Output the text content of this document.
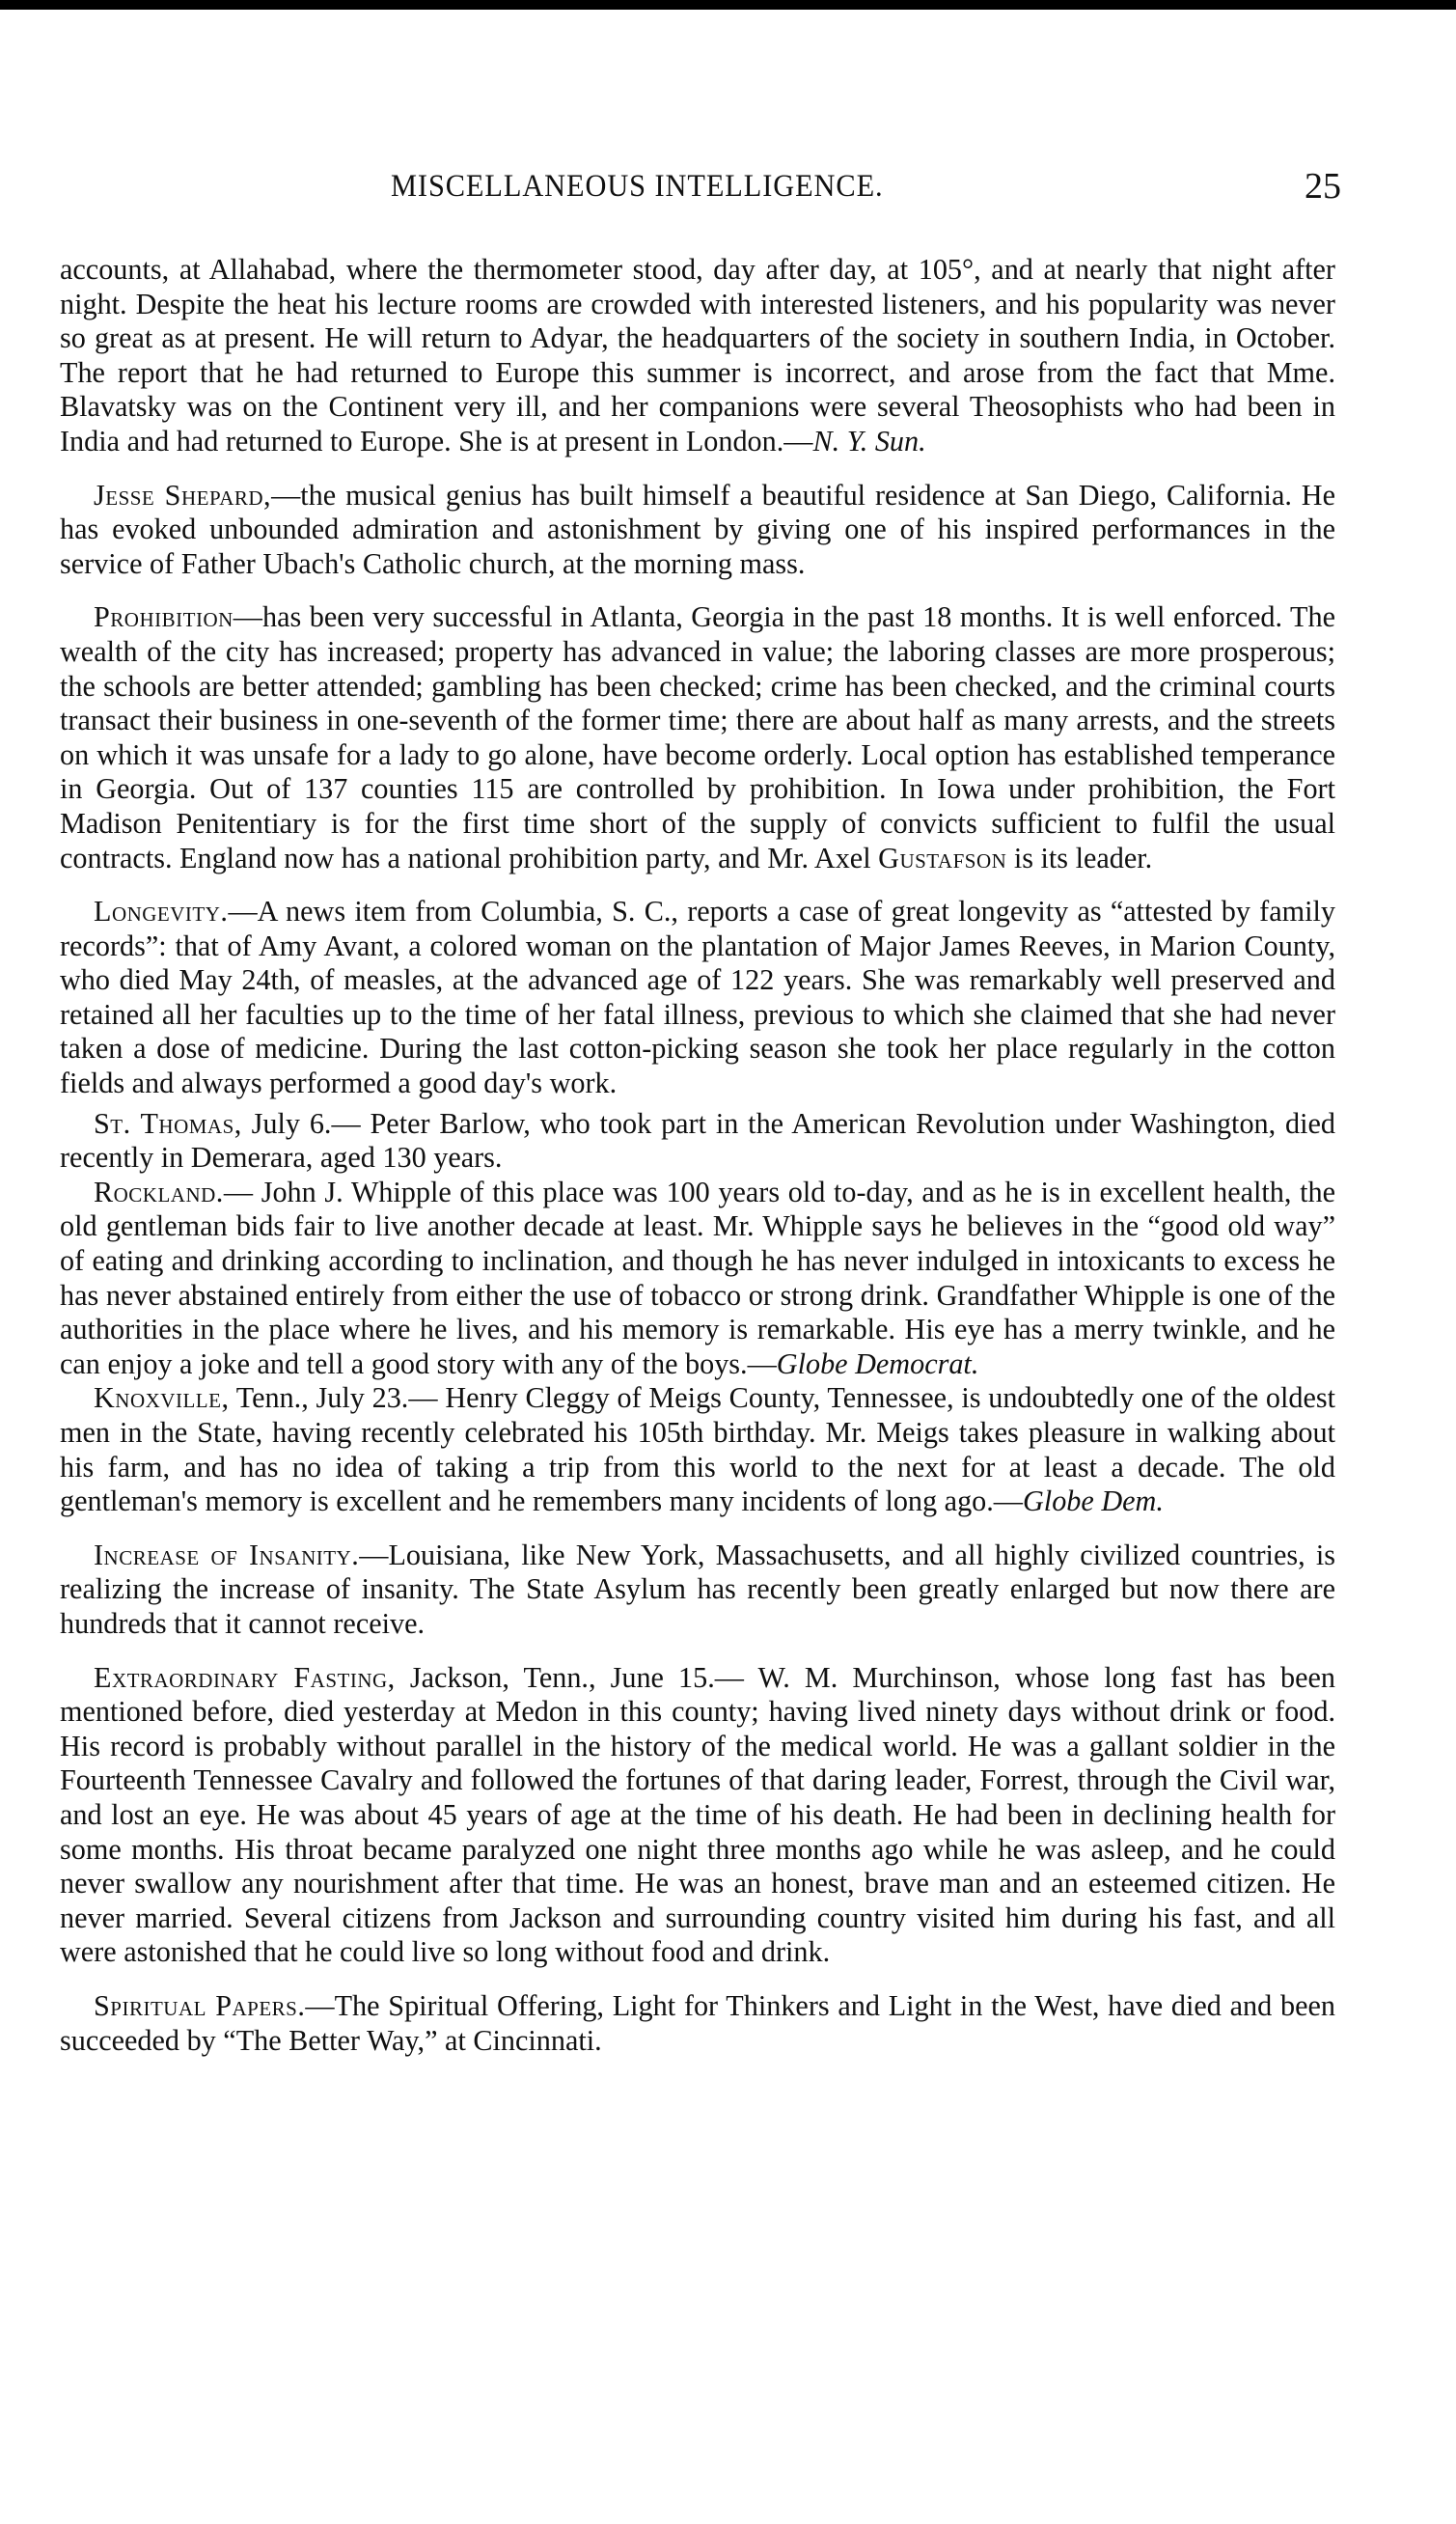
MISCELLANEOUS INTELLIGENCE.	25

accounts, at Allahabad, where the thermometer stood, day after day, at 105°, and at nearly that night after night. Despite the heat his lecture rooms are crowded with interested listeners, and his popularity was never so great as at present. He will return to Adyar, the headquarters of the society in southern India, in October. The report that he had returned to Europe this summer is incorrect, and arose from the fact that Mme. Blavatsky was on the Continent very ill, and her companions were several Theosophists who had been in India and had returned to Europe. She is at present in London.—N. Y. Sun.

Jesse Shepard,—the musical genius has built himself a beautiful residence at San Diego, California. He has evoked unbounded admiration and astonishment by giving one of his inspired performances in the service of Father Ubach's Catholic church, at the morning mass.

Prohibition—has been very successful in Atlanta, Georgia in the past 18 months. It is well enforced. The wealth of the city has increased; property has advanced in value; the laboring classes are more prosperous; the schools are better attended; gambling has been checked; crime has been checked, and the criminal courts transact their business in one-seventh of the former time; there are about half as many arrests, and the streets on which it was unsafe for a lady to go alone, have become orderly. Local option has established temperance in Georgia. Out of 137 counties 115 are controlled by prohibition. In Iowa under prohibition, the Fort Madison Penitentiary is for the first time short of the supply of convicts sufficient to fulfil the usual contracts. England now has a national prohibition party, and Mr. Axel Gustafson is its leader.

Longevity.—A news item from Columbia, S. C., reports a case of great longevity as “attested by family records”: that of Amy Avant, a colored woman on the plantation of Major James Reeves, in Marion County, who died May 24th, of measles, at the advanced age of 122 years. She was remarkably well preserved and retained all her faculties up to the time of her fatal illness, previous to which she claimed that she had never taken a dose of medicine. During the last cotton-picking season she took her place regularly in the cotton fields and always performed a good day's work.

St. Thomas, July 6.— Peter Barlow, who took part in the American Revolution under Washington, died recently in Demerara, aged 130 years.

Rockland.— John J. Whipple of this place was 100 years old to-day, and as he is in excellent health, the old gentleman bids fair to live another decade at least. Mr. Whipple says he believes in the “good old way” of eating and drinking according to inclination, and though he has never indulged in intoxicants to excess he has never abstained entirely from either the use of tobacco or strong drink. Grandfather Whipple is one of the authorities in the place where he lives, and his memory is remarkable. His eye has a merry twinkle, and he can enjoy a joke and tell a good story with any of the boys.—Globe Democrat.

Knoxville, Tenn., July 23.— Henry Cleggy of Meigs County, Tennessee, is undoubtedly one of the oldest men in the State, having recently celebrated his 105th birthday. Mr. Meigs takes pleasure in walking about his farm, and has no idea of taking a trip from this world to the next for at least a decade. The old gentleman's memory is excellent and he remembers many incidents of long ago.—Globe Dem.

Increase of Insanity.—Louisiana, like New York, Massachusetts, and all highly civilized countries, is realizing the increase of insanity. The State Asylum has recently been greatly enlarged but now there are hundreds that it cannot receive.

Extraordinary Fasting, Jackson, Tenn., June 15.— W. M. Murchinson, whose long fast has been mentioned before, died yesterday at Medon in this county; having lived ninety days without drink or food. His record is probably without parallel in the history of the medical world. He was a gallant soldier in the Fourteenth Tennessee Cavalry and followed the fortunes of that daring leader, Forrest, through the Civil war, and lost an eye. He was about 45 years of age at the time of his death. He had been in declining health for some months. His throat became paralyzed one night three months ago while he was asleep, and he could never swallow any nourishment after that time. He was an honest, brave man and an esteemed citizen. He never married. Several citizens from Jackson and surrounding country visited him during his fast, and all were astonished that he could live so long without food and drink.

Spiritual Papers.—The Spiritual Offering, Light for Thinkers and Light in the West, have died and been succeeded by “The Better Way,” at Cincinnati.
